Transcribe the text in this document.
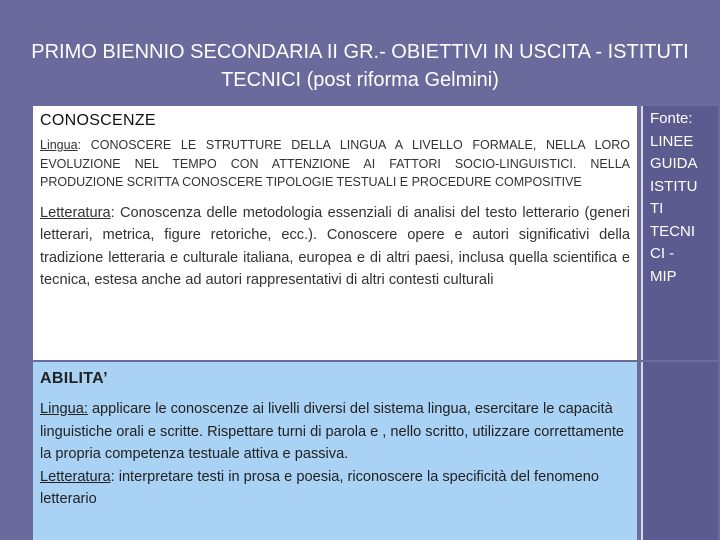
PRIMO BIENNIO SECONDARIA II GR.- OBIETTIVI IN USCITA - ISTITUTI TECNICI (post riforma Gelmini)
CONOSCENZE

Lingua: CONOSCERE LE STRUTTURE DELLA LINGUA A LIVELLO FORMALE, NELLA LORO EVOLUZIONE NEL TEMPO CON ATTENZIONE AI FATTORI SOCIO-LINGUISTICI. NELLA PRODUZIONE SCRITTA CONOSCERE TIPOLOGIE TESTUALI E PROCEDURE COMPOSITIVE

Letteratura: Conoscenza delle metodologia essenziali di analisi del testo letterario (generi letterari, metrica, figure retoriche, ecc.). Conoscere opere e autori significativi della tradizione letteraria e culturale italiana, europea e di altri paesi, inclusa quella scientifica e tecnica, estesa anche ad autori rappresentativi di altri contesti culturali

Fonte:
LINEE
GUIDA
ISTITU
TI
TECNI
CI -
MIP
ABILITA’

Lingua: applicare le conoscenze ai livelli diversi del sistema lingua, esercitare le capacità linguistiche orali e scritte. Rispettare turni di parola e , nello scritto, utilizzare correttamente la propria competenza testuale attiva e passiva.
Letteratura: interpretare testi in prosa e poesia, riconoscere la specificità del fenomeno letterario
